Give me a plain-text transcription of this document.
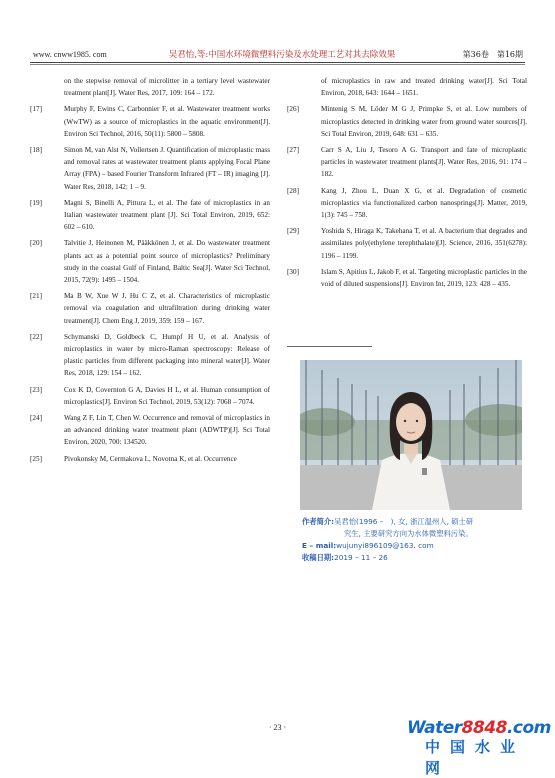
www. cnww1985. com	吴君怡,等:中国水环境微塑料污染及水处理工艺对其去除效果	第36卷　第16期
on the stepwise removal of microlitter in a tertiary level wastewater treatment plant[J]. Water Res, 2017, 109: 164 – 172.
[17]	Murphy F, Ewins C, Carbonnier F, et al. Wastewater treatment works (WwTW) as a source of microplastics in the aquatic environment[J]. Environ Sci Technol, 2016, 50(11): 5800 – 5808.
[18]	Simon M, van Alst N, Vollertsen J. Quantification of microplastic mass and removal rates at wastewater treatment plants applying Focal Plane Array (FPA) – based Fourier Transform Infrared (FT – IR) imaging [J]. Water Res, 2018, 142: 1 – 9.
[19]	Magni S, Binelli A, Pittura L, et al. The fate of microplastics in an Italian wastewater treatment plant [J]. Sci Total Environ, 2019, 652: 602 – 610.
[20]	Talvitie J, Heinonen M, Pääkkönen J, et al. Do wastewater treatment plants act as a potential point source of microplastics? Preliminary study in the coastal Gulf of Finland, Baltic Sea[J]. Water Sci Technol, 2015, 72(9): 1495 – 1504.
[21]	Ma B W, Xue W J, Hu C Z, et al. Characteristics of microplastic removal via coagulation and ultrafiltration during drinking water treatment[J]. Chem Eng J, 2019, 359: 159 – 167.
[22]	Schymanski D, Goldbeck C, Humpf H U, et al. Analysis of microplastics in water by micro-Raman spectroscopy: Release of plastic particles from different packaging into mineral water[J]. Water Res, 2018, 129: 154 – 162.
[23]	Cox K D, Covernton G A, Davies H L, et al. Human consumption of microplastics[J]. Environ Sci Technol, 2019, 53(12): 7068 – 7074.
[24]	Wang Z F, Lin T, Chen W. Occurrence and removal of microplastics in an advanced drinking water treatment plant (ADWTP)[J]. Sci Total Environ, 2020, 700: 134520.
[25]	Pivokonsky M, Cermakova L, Novotna K, et al. Occurrence
of microplastics in raw and treated drinking water[J]. Sci Total Environ, 2018, 643: 1644 – 1651.
[26]	Mintenig S M, Löder M G J, Primpke S, et al. Low numbers of microplastics detected in drinking water from ground water sources[J]. Sci Total Environ, 2019, 648: 631 – 635.
[27]	Carr S A, Liu J, Tesoro A G. Transport and fate of microplastic particles in wastewater treatment plants[J]. Water Res, 2016, 91: 174 – 182.
[28]	Kang J, Zhou L, Duan X G, et al. Degradation of cosmetic microplastics via functionalized carbon nanosprings[J]. Matter, 2019, 1(3): 745 – 758.
[29]	Yoshida S, Hiraga K, Takehana T, et al. A bacterium that degrades and assimilates poly(ethylene terephthalate)[J]. Science, 2016, 351(6278): 1196 – 1199.
[30]	Islam S, Apitius L, Jakob F, et al. Targeting microplastic particles in the void of diluted suspensions[J]. Environ Int, 2019, 123: 428 – 435.
作者简介:吴君怡(1996 –　), 女, 浙江温州人, 硕士研
究生, 主要研究方向为水体微塑料污染。
E – mail:wujunyi896109@163. com
收稿日期:2019 – 11 – 26
· 23 ·	Water8848.com
中国水业网
